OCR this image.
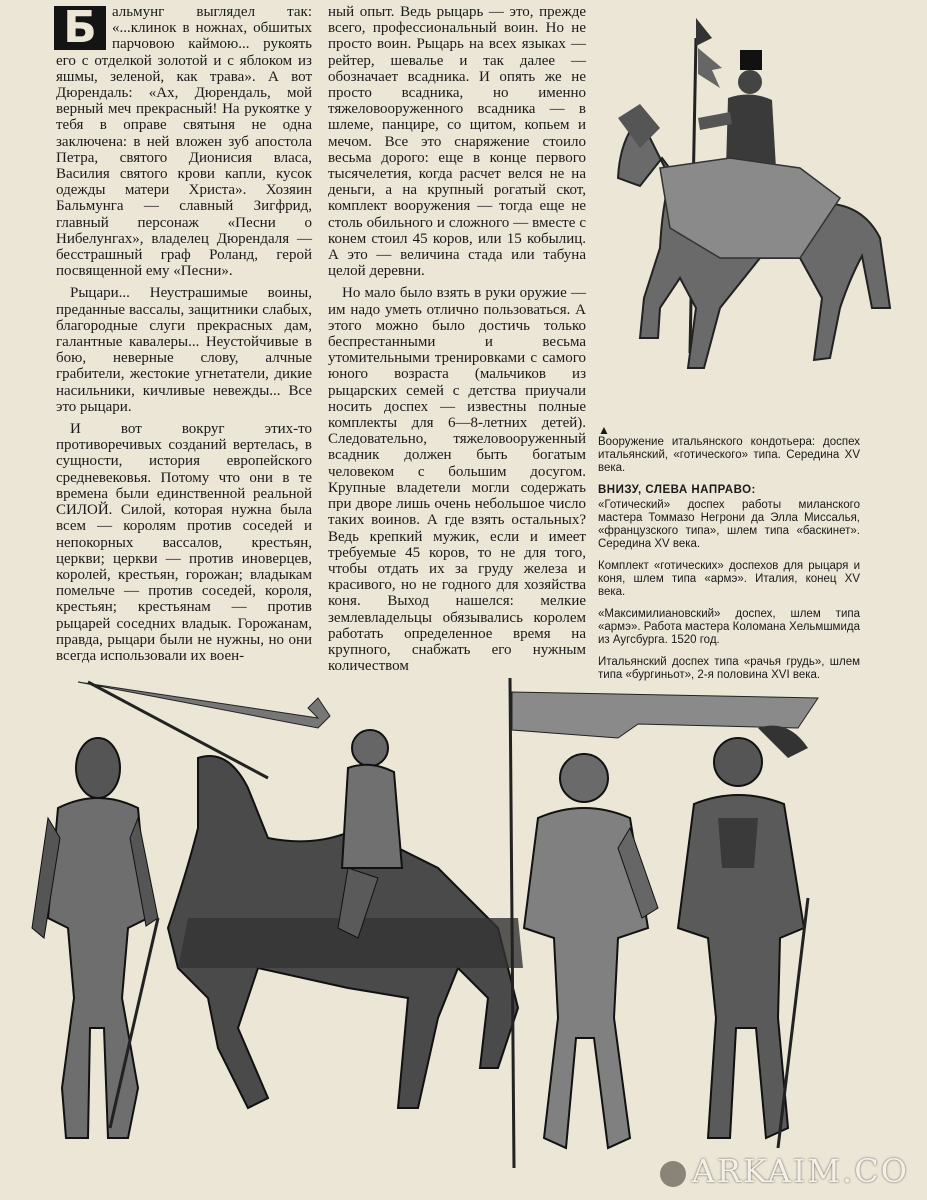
Б	альмунг выглядел так: «...клинок в ножнах, обшитых парчовою каймою... рукоять его с отделкой золотой и с яблоком из яшмы, зеленой, как трава». А вот Дюрендаль: «Ах, Дюрендаль, мой верный меч прекрасный! На рукоятке у тебя в оправе святыня не одна заключена: в ней вложен зуб апостола Петра, святого Дионисия власа, Василия святого крови капли, кусок одежды матери Христа». Хозяин Бальмунга — славный Зигфрид, главный персонаж «Песни о Нибелунгах», владелец Дюрендаля — бесстрашный граф Роланд, герой посвященной ему «Песни».

Рыцари... Неустрашимые воины, преданные вассалы, защитники слабых, благородные слуги прекрасных дам, галантные кавалеры... Неустойчивые в бою, неверные слову, алчные грабители, жестокие угнетатели, дикие насильники, кичливые невежды... Все это рыцари.

И вот вокруг этих-то противоречивых созданий вертелась, в сущности, история европейского средневековья. Потому что они в те времена были единственной реальной СИЛОЙ. Силой, которая нужна была всем — королям против соседей и непокорных вассалов, крестьян, церкви; церкви — против иноверцев, королей, крестьян, горожан; владыкам помельче — против соседей, короля, крестьян; крестьянам — против рыцарей соседних владык. Горожанам, правда, рыцари были не нужны, но они всегда использовали их воен-

ный опыт. Ведь рыцарь — это, прежде всего, профессиональный воин. Но не просто воин. Рыцарь на всех языках — рейтер, шевалье и так далее — обозначает всадника. И опять же не просто всадника, но именно тяжеловооруженного всадника — в шлеме, панцире, со щитом, копьем и мечом. Все это снаряжение стоило весьма дорого: еще в конце первого тысячелетия, когда расчет велся не на деньги, а на крупный рогатый скот, комплект вооружения — тогда еще не столь обильного и сложного — вместе с конем стоил 45 коров, или 15 кобылиц. А это — величина стада или табуна целой деревни.

Но мало было взять в руки оружие — им надо уметь отлично пользоваться. А этого можно было достичь только беспрестанными и весьма утомительными тренировками с самого юного возраста (мальчиков из рыцарских семей с детства приучали носить доспех — известны полные комплекты для 6—8-летних детей). Следовательно, тяжеловооруженный всадник должен быть богатым человеком с большим досугом. Крупные владетели могли содержать при дворе лишь очень небольшое число таких воинов. А где взять остальных? Ведь крепкий мужик, если и имеет требуемые 45 коров, то не для того, чтобы отдать их за груду железа и красивого, но не годного для хозяйства коня. Выход нашелся: мелкие землевладельцы обязывались королем работать определенное время на крупного, снабжать его нужным количеством

▲

Вооружение итальянского кондотьера: доспех итальянский, «готического» типа. Середина XV века.

ВНИЗУ, СЛЕВА НАПРАВО:

«Готический» доспех работы миланского мастера Томмазо Негрони да Элла Миссалья, «французского типа», шлем типа «баскинет». Середина XV века.

Комплект «готических» доспехов для рыцаря и коня, шлем типа «армэ». Италия, конец XV века.

«Максимилиановский» доспех, шлем типа «армэ». Работа мастера Коломана Хельмшмида из Аугсбурга. 1520 год.

Итальянский доспех типа «рачья грудь», шлем типа «бургиньот», 2-я половина XVI века.

ARKAIM.CO
